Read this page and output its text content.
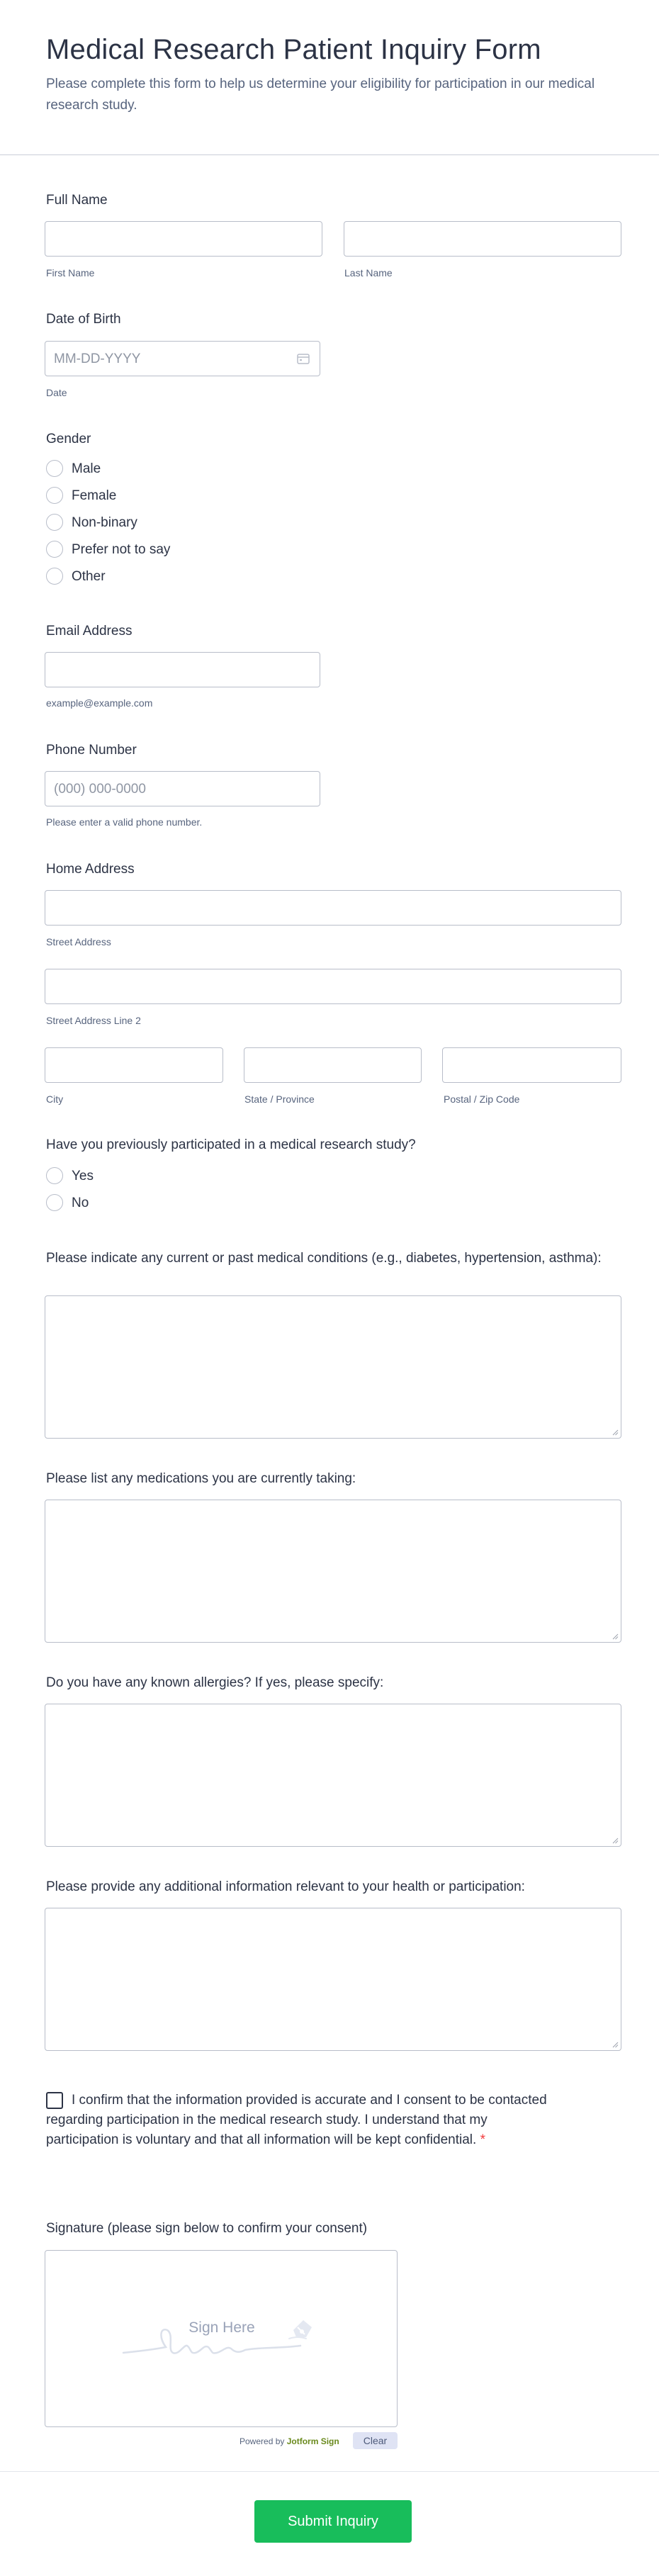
Medical Research Patient Inquiry Form
Please complete this form to help us determine your eligibility for participation in our medical research study.
Full Name
First Name	Last Name
Date of Birth
MM-DD-YYYY
Date
Gender
Male
Female
Non-binary
Prefer not to say
Other
Email Address
example@example.com
Phone Number
(000) 000-0000
Please enter a valid phone number.
Home Address
Street Address
Street Address Line 2
City	State / Province	Postal / Zip Code
Have you previously participated in a medical research study?
Yes
No
Please indicate any current or past medical conditions (e.g., diabetes, hypertension, asthma):
Please list any medications you are currently taking:
Do you have any known allergies? If yes, please specify:
Please provide any additional information relevant to your health or participation:
I confirm that the information provided is accurate and I consent to be contacted regarding participation in the medical research study. I understand that my participation is voluntary and that all information will be kept confidential. *
Signature (please sign below to confirm your consent)
Sign Here
Powered by Jotform Sign	Clear
Submit Inquiry
